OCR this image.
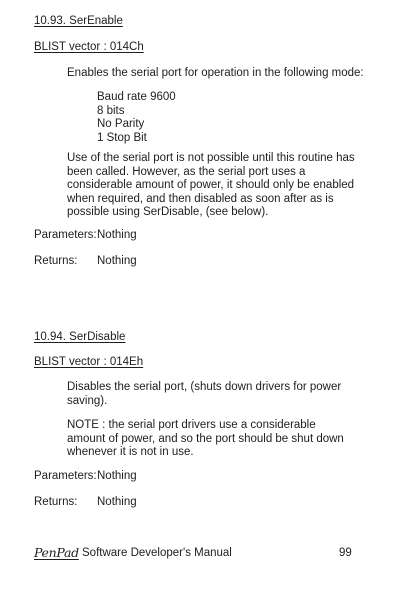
10.93. SerEnable
BLIST vector : 014Ch
Enables the serial port for operation in the following mode:
Baud rate 9600
8 bits
No Parity
1 Stop Bit
Use of the serial port is not possible until this routine has been called. However, as the serial port uses a considerable amount of power, it should only be enabled when required, and then disabled as soon after as is possible using SerDisable, (see below).
Parameters: Nothing
Returns: Nothing
10.94. SerDisable
BLIST vector : 014Eh
Disables the serial port, (shuts down drivers for power saving).
NOTE : the serial port drivers use a considerable amount of power, and so the port should be shut down whenever it is not in use.
Parameters: Nothing
Returns: Nothing
PenPad Software Developer's Manual	99
